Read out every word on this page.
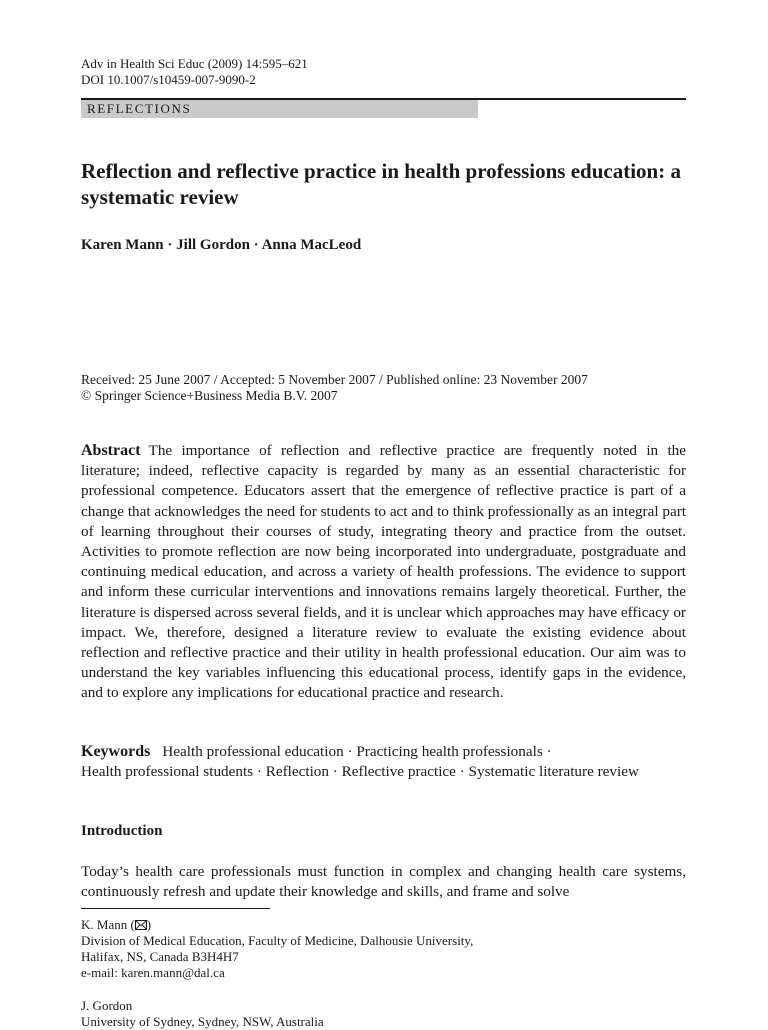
Adv in Health Sci Educ (2009) 14:595–621
DOI 10.1007/s10459-007-9090-2
REFLECTIONS
Reflection and reflective practice in health professions education: a systematic review
Karen Mann · Jill Gordon · Anna MacLeod
Received: 25 June 2007 / Accepted: 5 November 2007 / Published online: 23 November 2007
© Springer Science+Business Media B.V. 2007

Abstract The importance of reflection and reflective practice are frequently noted in the literature; indeed, reflective capacity is regarded by many as an essential characteristic for professional competence. Educators assert that the emergence of reflective practice is part of a change that acknowledges the need for students to act and to think professionally as an integral part of learning throughout their courses of study, integrating theory and practice from the outset. Activities to promote reflection are now being incorporated into undergraduate, postgraduate and continuing medical education, and across a variety of health professions. The evidence to support and inform these curricular interventions and innovations remains largely theoretical. Further, the literature is dispersed across several fields, and it is unclear which approaches may have efficacy or impact. We, therefore, designed a literature review to evaluate the existing evidence about reflection and reflective practice and their utility in health professional education. Our aim was to understand the key variables influencing this educational process, identify gaps in the evidence, and to explore any implications for educational practice and research.

Keywords Health professional education · Practicing health professionals ·
Health professional students · Reflection · Reflective practice · Systematic literature review
Introduction

Today’s health care professionals must function in complex and changing health care systems, continuously refresh and update their knowledge and skills, and frame and solve

K. Mann ( )
Division of Medical Education, Faculty of Medicine, Dalhousie University,
Halifax, NS, Canada B3H4H7
e-mail: karen.mann@dal.ca
J. Gordon
University of Sydney, Sydney, NSW, Australia
